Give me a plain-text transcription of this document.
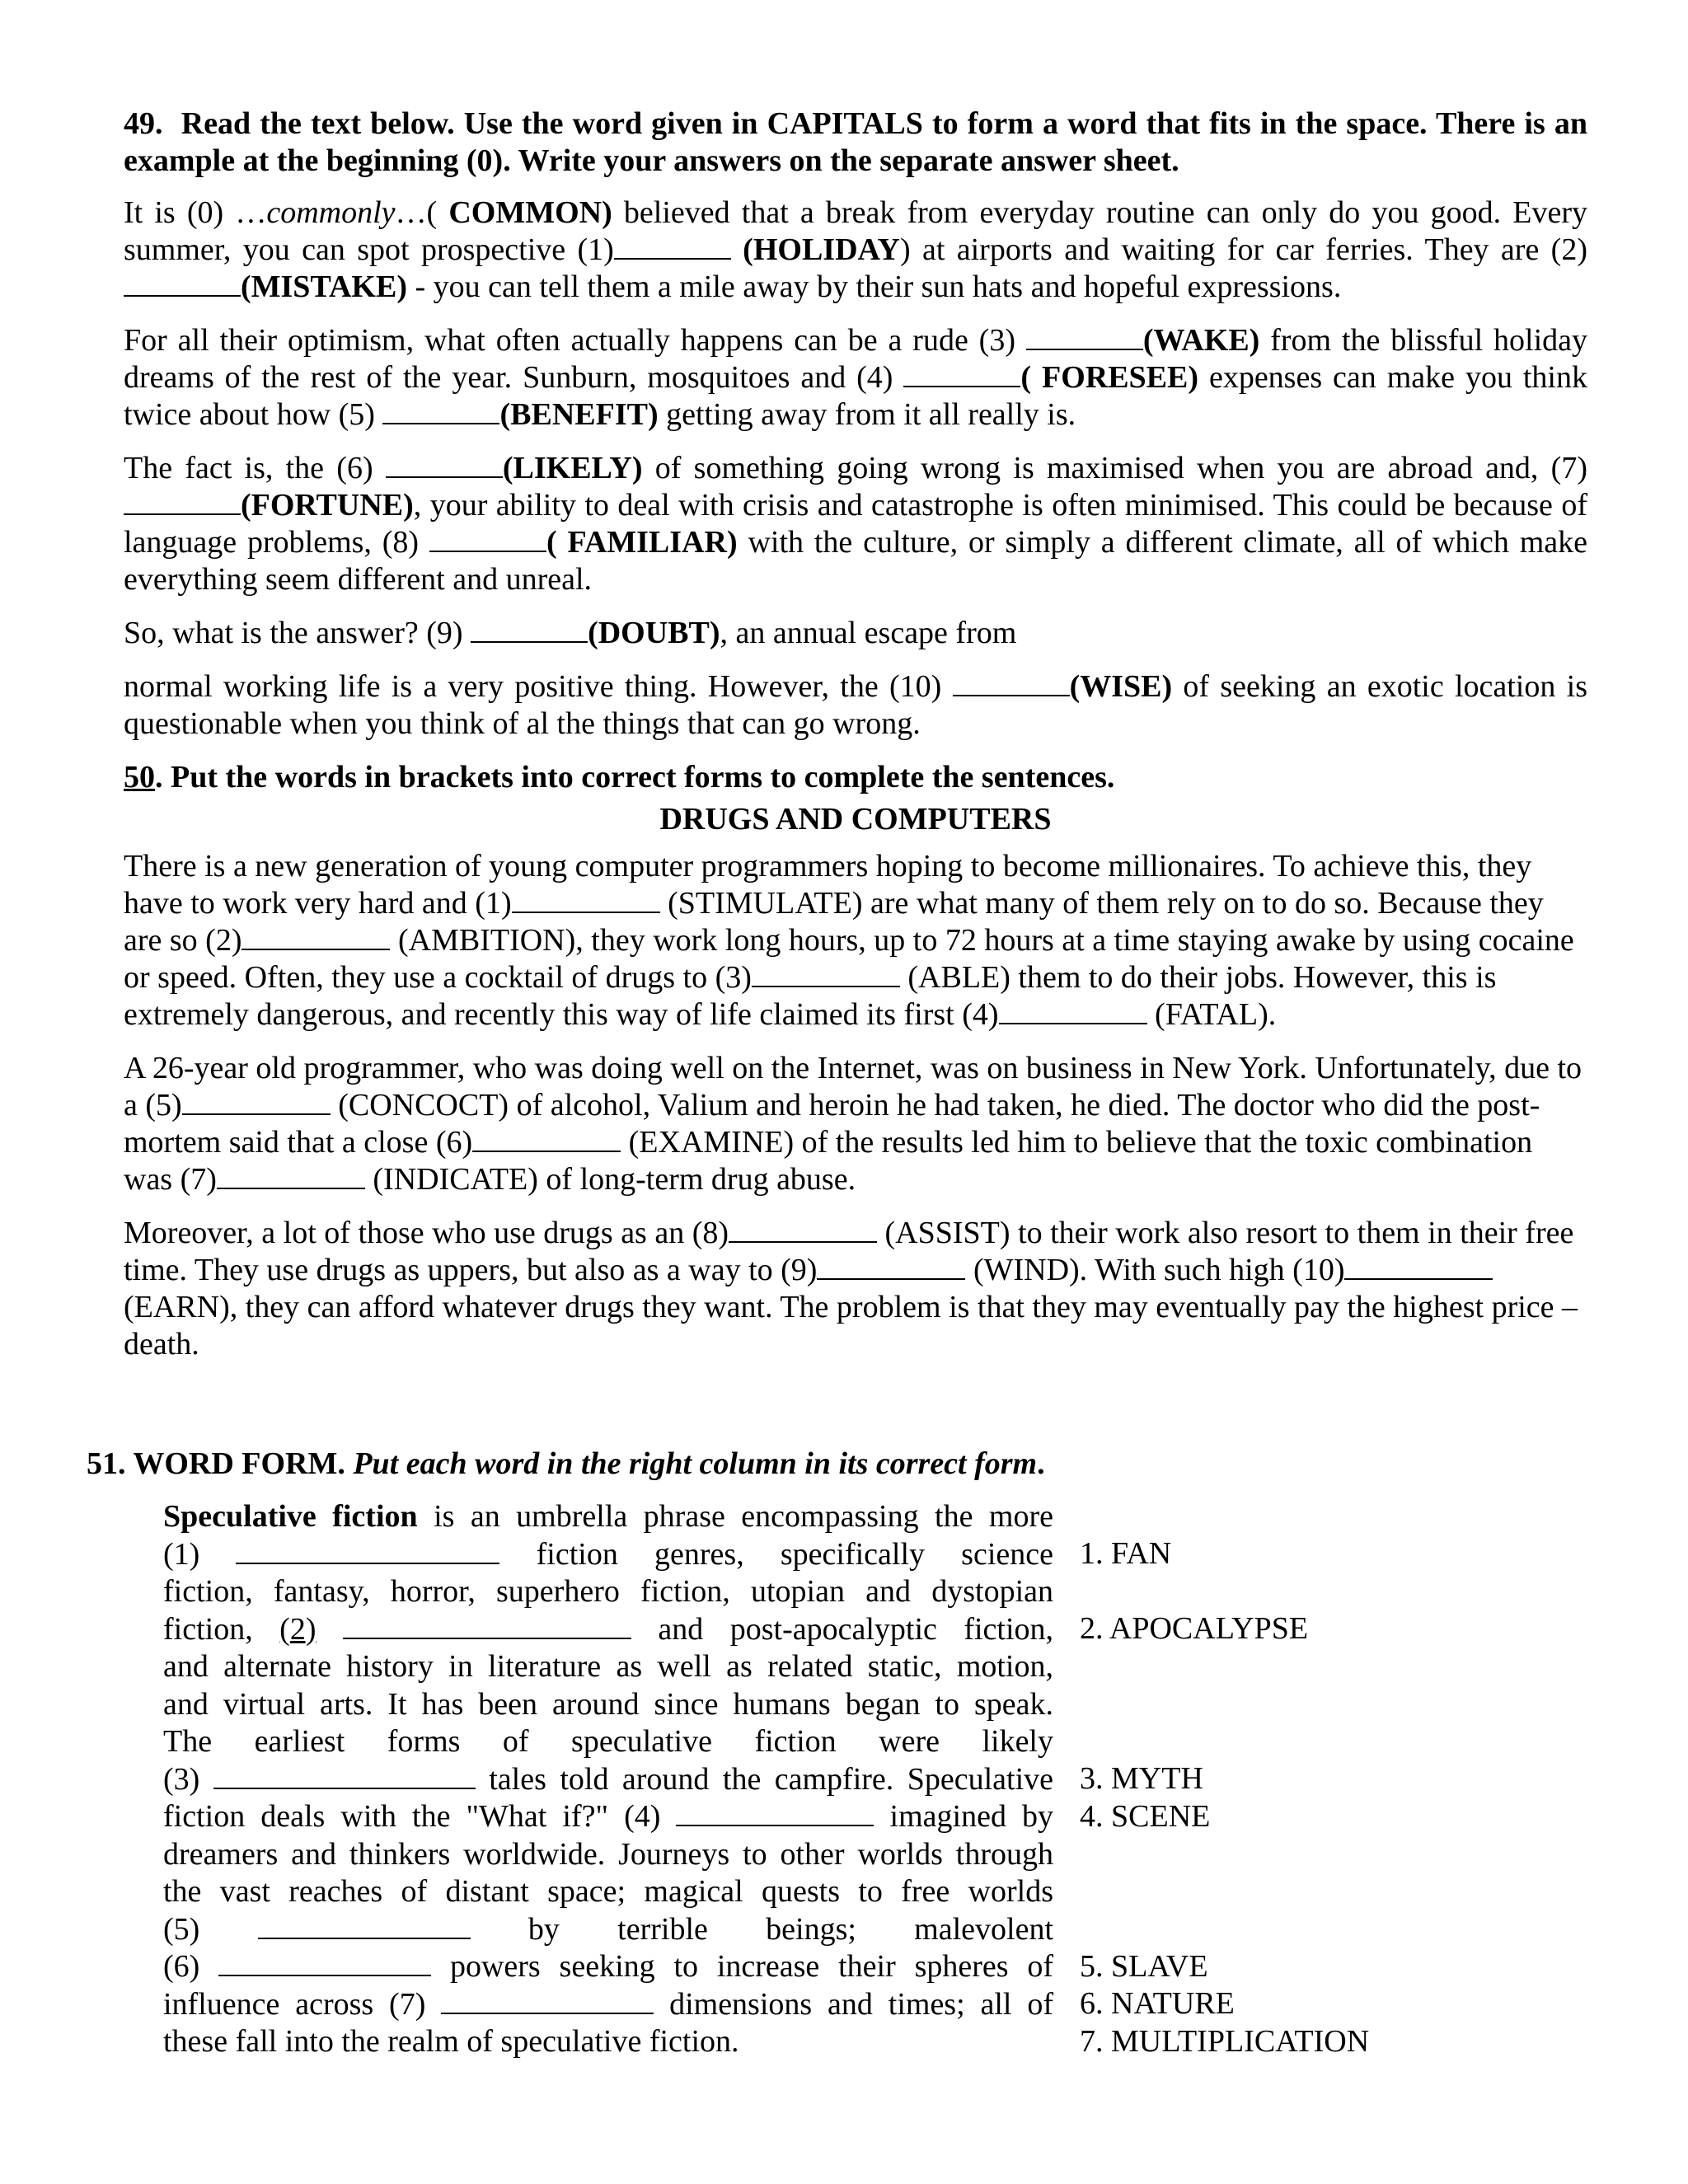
49. Read the text below. Use the word given in CAPITALS to form a word that fits in the space. There is an example at the beginning (0). Write your answers on the separate answer sheet.

It is (0) …commonly…( COMMON) believed that a break from everyday routine can only do you good. Every summer, you can spot prospective (1)	(HOLIDAY) at airports and waiting for car ferries. They are (2) (MISTAKE) - you can tell them a mile away by their sun hats and hopeful expressions.

For all their optimism, what often actually happens can be a rude (3)	(WAKE) from the blissful holiday dreams of the rest of the year. Sunburn, mosquitoes and (4)	( FORESEE) expenses can make you think twice about how (5)	(BENEFIT) getting away from it all really is.

The fact is, the (6)	(LIKELY) of something going wrong is maximised when you are abroad and, (7) (FORTUNE), your ability to deal with crisis and catastrophe is often minimised. This could be because of language problems, (8)	( FAMILIAR) with the culture, or simply a different climate, all of which make everything seem different and unreal.

So, what is the answer? (9)	(DOUBT), an annual escape from

normal working life is a very positive thing. However, the (10)	(WISE) of seeking an exotic location is questionable when you think of al the things that can go wrong.

50. Put the words in brackets into correct forms to complete the sentences.

DRUGS AND COMPUTERS

There is a new generation of young computer programmers hoping to become millionaires. To achieve this, they have to work very hard and (1)	(STIMULATE) are what many of them rely on to do so. Because they are so (2)	(AMBITION), they work long hours, up to 72 hours at a time staying awake by using cocaine or speed. Often, they use a cocktail of drugs to (3)	(ABLE) them to do their jobs. However, this is extremely dangerous, and recently this way of life claimed its first (4)	(FATAL).

A 26-year old programmer, who was doing well on the Internet, was on business in New York. Unfortunately, due to a (5)	(CONCOCT) of alcohol, Valium and heroin he had taken, he died. The doctor who did the post-mortem said that a close (6)	(EXAMINE) of the results led him to believe that the toxic combination was (7)	(INDICATE) of long-term drug abuse.

Moreover, a lot of those who use drugs as an (8)	(ASSIST) to their work also resort to them in their free time. They use drugs as uppers, but also as a way to (9)	(WIND). With such high (10) (EARN), they can afford whatever drugs they want. The problem is that they may eventually pay the highest price – death.

51. WORD FORM. Put each word in the right column in its correct form.
Speculative fiction is an umbrella phrase encompassing the more
(1)	fiction genres, specifically science
fiction, fantasy, horror, superhero fiction, utopian and dystopian
fiction, (2)	and post-apocalyptic fiction,
and alternate history in literature as well as related static, motion,
and virtual arts. It has been around since humans began to speak.
The earliest forms of speculative fiction were likely
(3)	tales told around the campfire. Speculative
fiction deals with the "What if?" (4)	imagined by
dreamers and thinkers worldwide. Journeys to other worlds through
the vast reaches of distant space; magical quests to free worlds
(5)	by terrible beings; malevolent
(6)	powers seeking to increase their spheres of
influence across (7)	dimensions and times; all of
these fall into the realm of speculative fiction.
1. FAN
2. APOCALYPSE
3. MYTH
4. SCENE
5. SLAVE
6. NATURE
7. MULTIPLICATION
